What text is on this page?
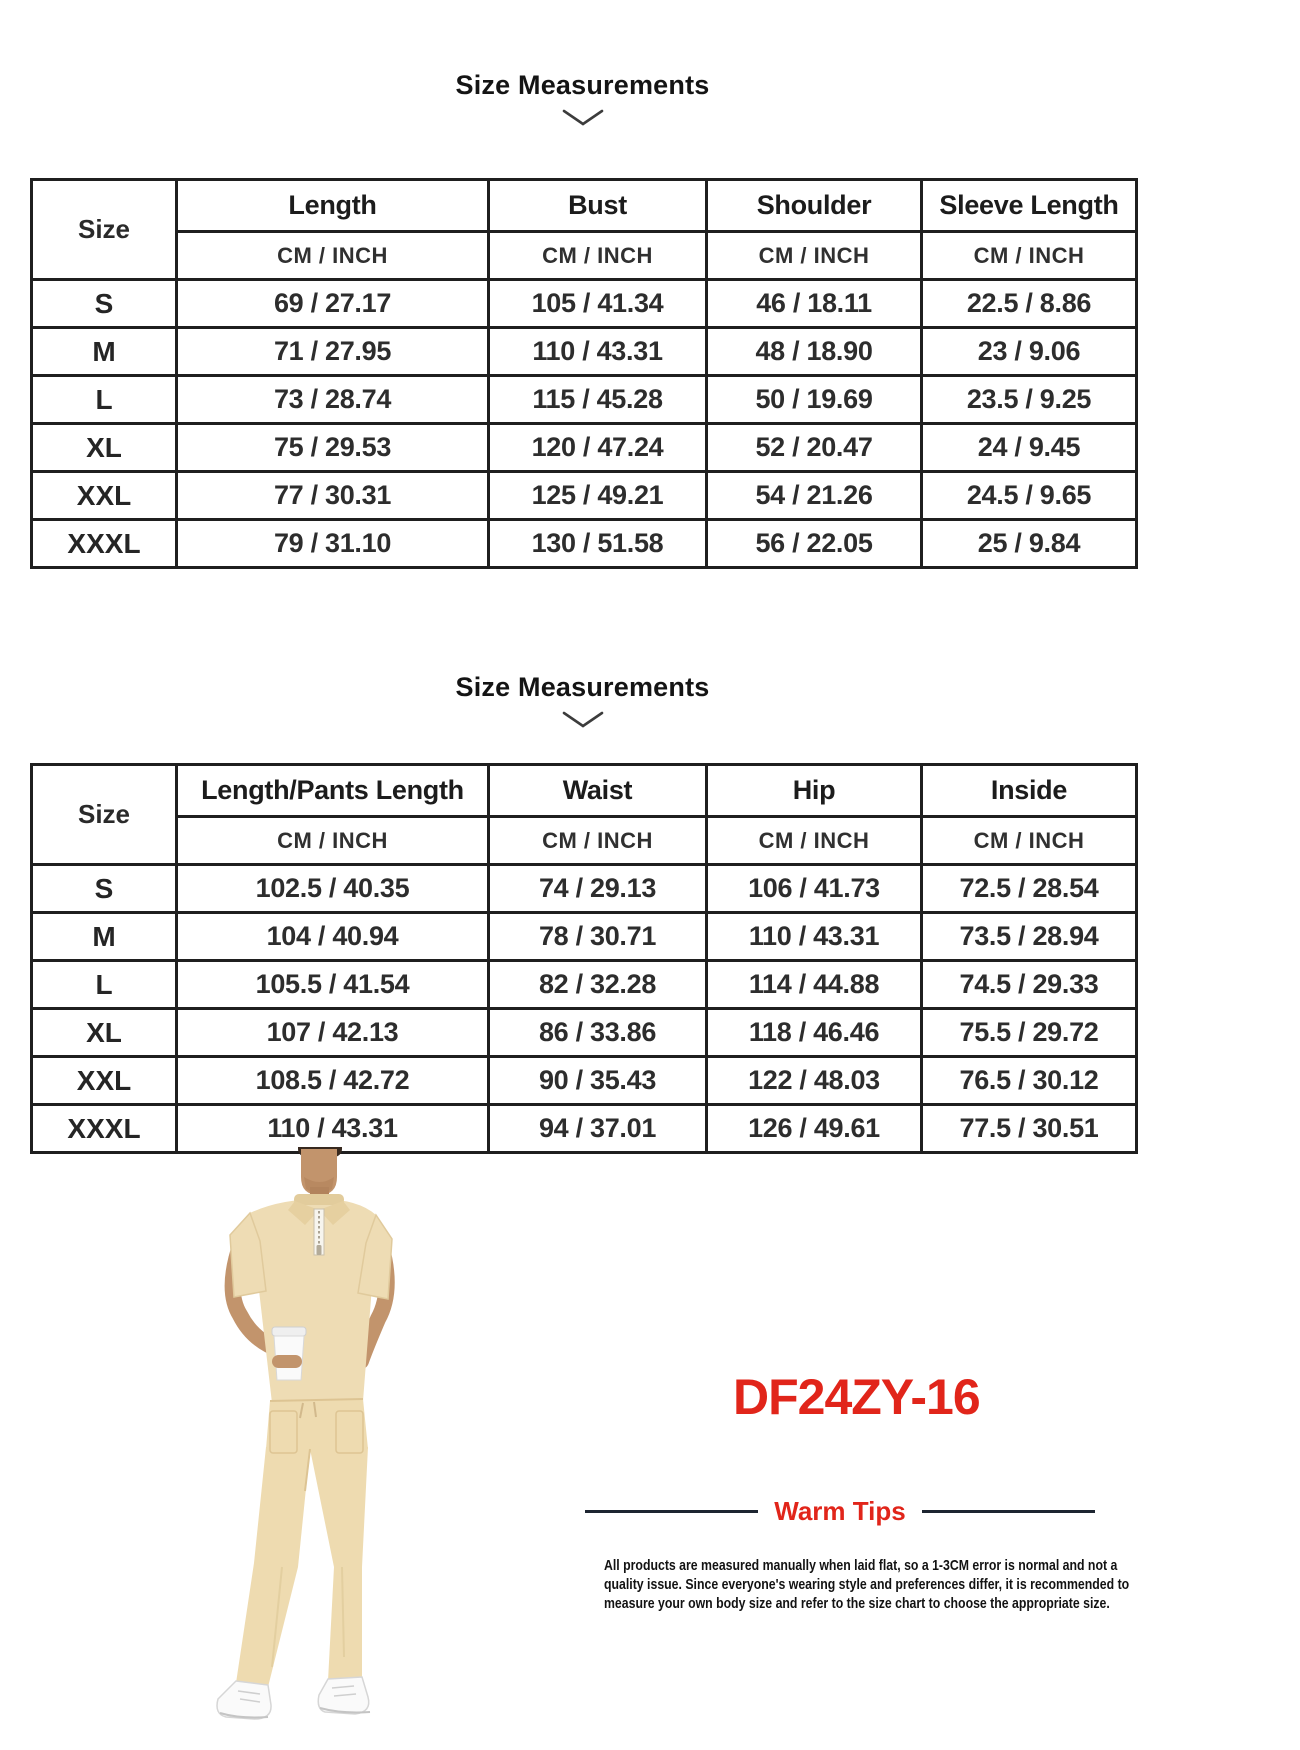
Size Measurements
Size	Length	Bust	Shoulder	Sleeve Length
	CM / INCH	CM / INCH	CM / INCH	CM / INCH
S	69 / 27.17	105 / 41.34	46 / 18.11	22.5 / 8.86
M	71 / 27.95	110 / 43.31	48 / 18.90	23 / 9.06
L	73 / 28.74	115 / 45.28	50 / 19.69	23.5 / 9.25
XL	75 / 29.53	120 / 47.24	52 / 20.47	24 / 9.45
XXL	77 / 30.31	125 / 49.21	54 / 21.26	24.5 / 9.65
XXXL	79 / 31.10	130 / 51.58	56 / 22.05	25 / 9.84
Size Measurements
Size	Length/Pants Length	Waist	Hip	Inside
	CM / INCH	CM / INCH	CM / INCH	CM / INCH
S	102.5 / 40.35	74 / 29.13	106 / 41.73	72.5 / 28.54
M	104 / 40.94	78 / 30.71	110 / 43.31	73.5 / 28.94
L	105.5 / 41.54	82 / 32.28	114 / 44.88	74.5 / 29.33
XL	107 / 42.13	86 / 33.86	118 / 46.46	75.5 / 29.72
XXL	108.5 / 42.72	90 / 35.43	122 / 48.03	76.5 / 30.12
XXXL	110 / 43.31	94 / 37.01	126 / 49.61	77.5 / 30.51
DF24ZY-16
Warm Tips
All products are measured manually when laid flat, so a 1-3CM error is normal and not a
quality issue. Since everyone's wearing style and preferences differ, it is recommended to
measure your own body size and refer to the size chart to choose the appropriate size.
